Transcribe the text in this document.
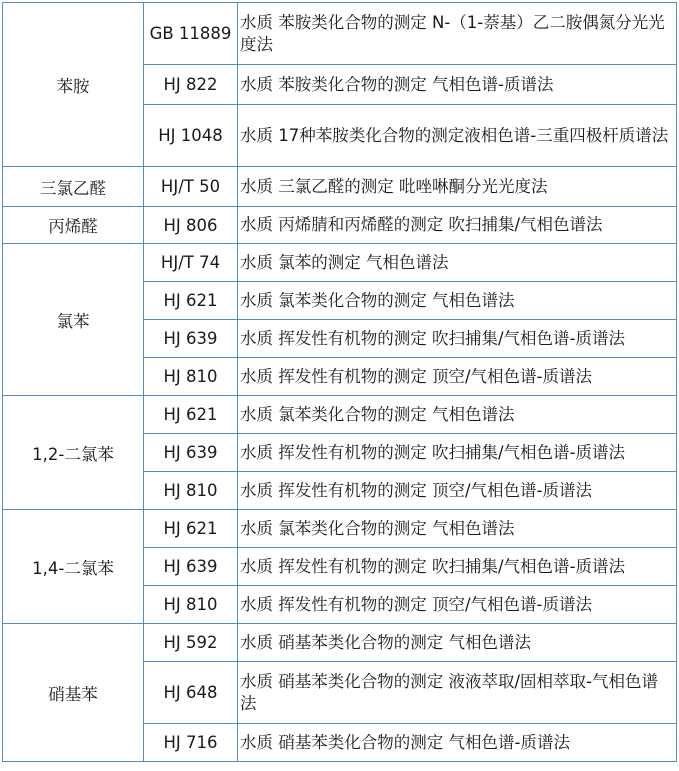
苯胺	GB 11889	水质 苯胺类化合物的测定 N-（1-萘基）乙二胺偶氮分光光度法
	HJ 822	水质 苯胺类化合物的测定 气相色谱-质谱法
	HJ 1048	水质 17种苯胺类化合物的测定液相色谱-三重四极杆质谱法
三氯乙醛	HJ/T 50	水质 三氯乙醛的测定 吡唑啉酮分光光度法
丙烯醛	HJ 806	水质 丙烯腈和丙烯醛的测定 吹扫捕集/气相色谱法
氯苯	HJ/T 74	水质 氯苯的测定 气相色谱法
	HJ 621	水质 氯苯类化合物的测定 气相色谱法
	HJ 639	水质 挥发性有机物的测定 吹扫捕集/气相色谱-质谱法
	HJ 810	水质 挥发性有机物的测定 顶空/气相色谱-质谱法
1,2-二氯苯	HJ 621	水质 氯苯类化合物的测定 气相色谱法
	HJ 639	水质 挥发性有机物的测定 吹扫捕集/气相色谱-质谱法
	HJ 810	水质 挥发性有机物的测定 顶空/气相色谱-质谱法
1,4-二氯苯	HJ 621	水质 氯苯类化合物的测定 气相色谱法
	HJ 639	水质 挥发性有机物的测定 吹扫捕集/气相色谱-质谱法
	HJ 810	水质 挥发性有机物的测定 顶空/气相色谱-质谱法
硝基苯	HJ 592	水质 硝基苯类化合物的测定 气相色谱法
	HJ 648	水质 硝基苯类化合物的测定 液液萃取/固相萃取-气相色谱法
	HJ 716	水质 硝基苯类化合物的测定 气相色谱-质谱法
